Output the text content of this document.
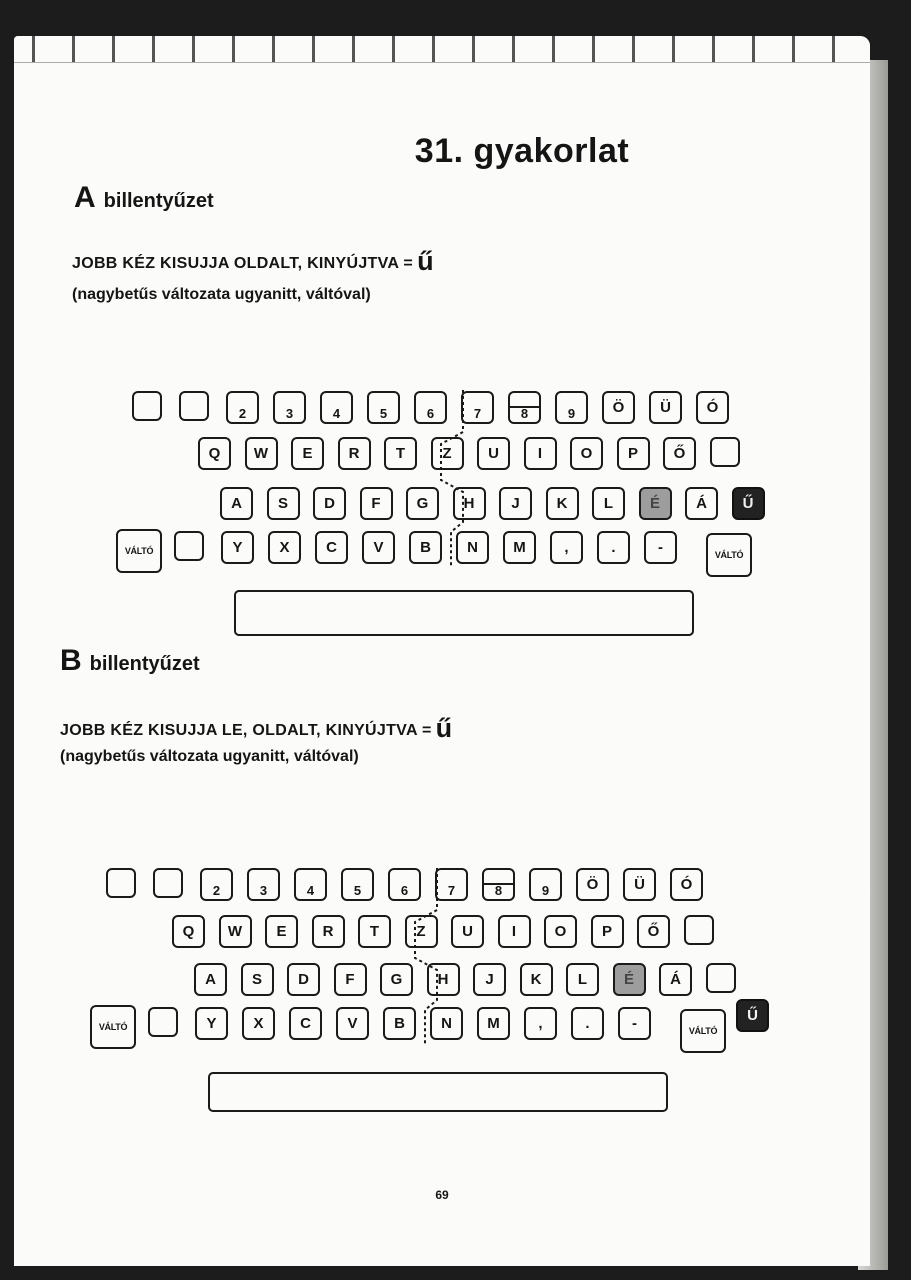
31. gyakorlat
Abillentyűzet
JOBB KÉZ KISUJJA OLDALT, KINYÚJTVA = ű
(nagybetűs változata ugyanitt, váltóval)
2	3	4	5	6	7	8	9	Ö	Ü	Ó
Q	W	E	R	T	Z	U	I	O	P	Ő
A	S	D	F	G	H	J	K	L	É	Á	Ű
VÁLTÓ	Y	X	C	V	B	N	M	,	.	-	VÁLTÓ
Bbillentyűzet
JOBB KÉZ KISUJJA LE, OLDALT, KINYÚJTVA = ű
(nagybetűs változata ugyanitt, váltóval)
2	3	4	5	6	7	8	9	Ö	Ü	Ó
Q	W	E	R	T	Z	U	I	O	P	Ő
A	S	D	F	G	H	J	K	L	É	Á
VÁLTÓ	Y	X	C	V	B	N	M	,	.	-	VÁLTÓ
Ű
69
